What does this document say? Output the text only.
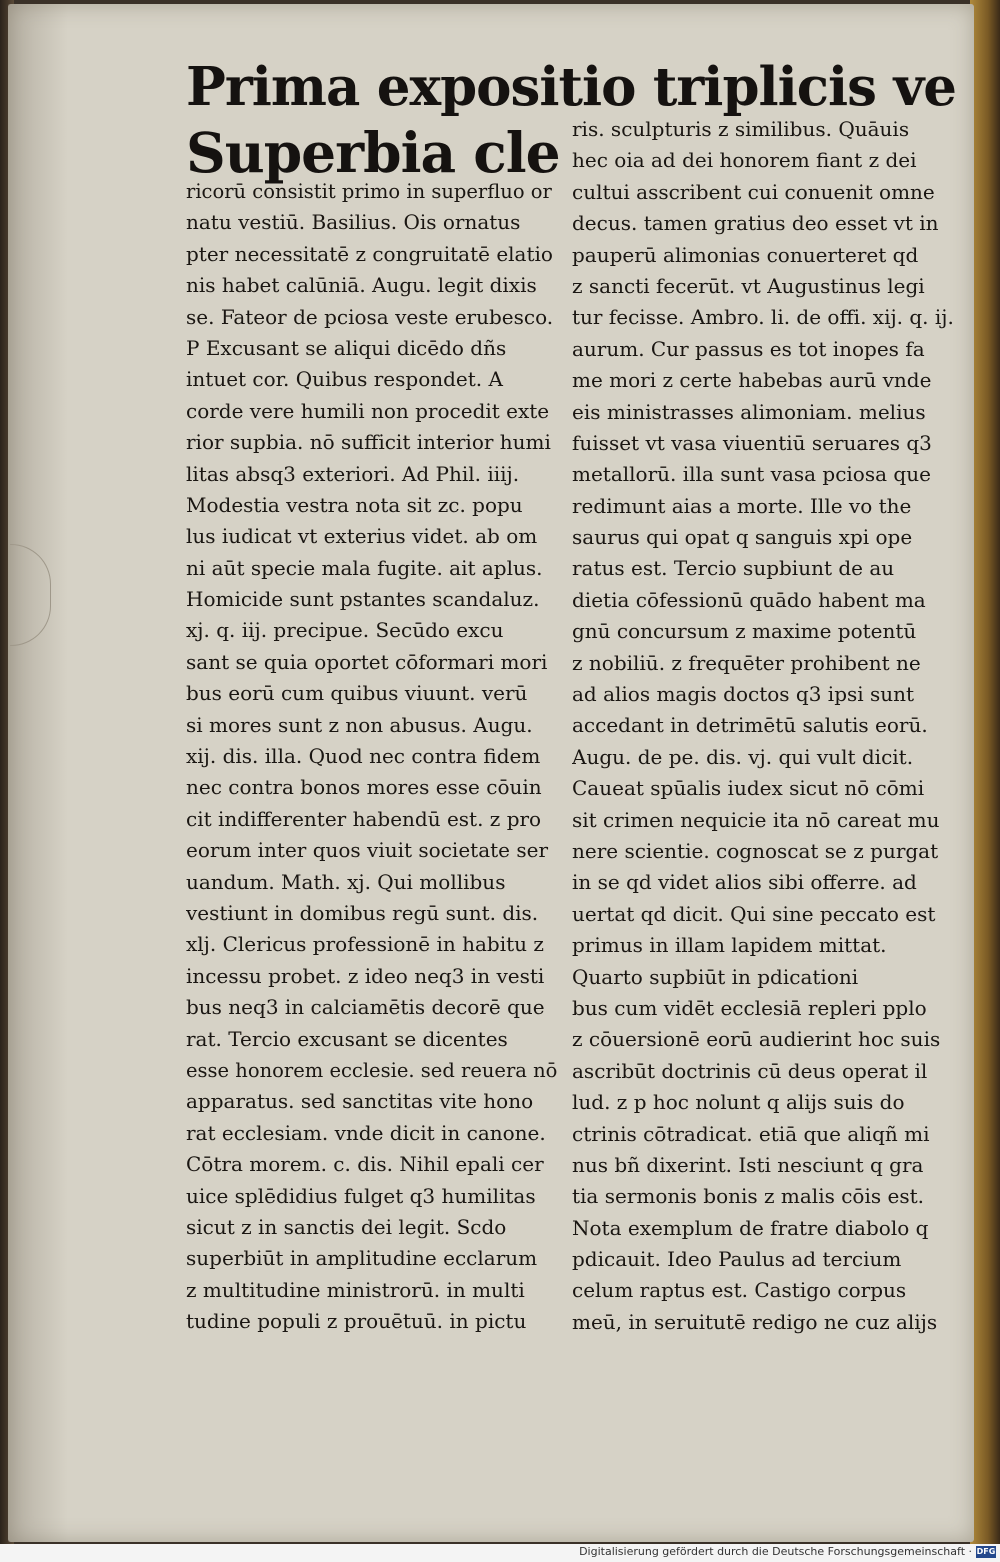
Prima expositio triplicis ve
Superbia cle
ricorū consistit primo in superfluo or
natu vestiū. Basilius. Ois ornatus
pter necessitatē z congruitatē elatio
nis habet calūniā. Augu. legit dixis
se. Fateor de pciosa veste erubesco.
P Excusant se aliqui dicēdo dñs
intuet cor. Quibus respondet. A
corde vere humili non procedit exte
rior supbia. nō sufficit interior humi
litas absq3 exteriori. Ad Phil. iiij.
Modestia vestra nota sit zc. popu
lus iudicat vt exterius videt. ab om
ni aūt specie mala fugite. ait aplus.
Homicide sunt pstantes scandaluz.
xj. q. iij. precipue. Secūdo excu
sant se quia oportet cōformari mori
bus eorū cum quibus viuunt. verū
si mores sunt z non abusus. Augu.
xij. dis. illa. Quod nec contra fidem
nec contra bonos mores esse cōuin
cit indifferenter habendū est. z pro
eorum inter quos viuit societate ser
uandum. Math. xj. Qui mollibus
vestiunt in domibus regū sunt. dis.
xlj. Clericus professionē in habitu z
incessu probet. z ideo neq3 in vesti
bus neq3 in calciamētis decorē que
rat. Tercio excusant se dicentes
esse honorem ecclesie. sed reuera nō
apparatus. sed sanctitas vite hono
rat ecclesiam. vnde dicit in canone.
Cōtra morem. c. dis. Nihil epali cer
uice splēdidius fulget q3 humilitas
sicut z in sanctis dei legit. Scdo
superbiūt in amplitudine ecclarum
z multitudine ministrorū. in multi
tudine populi z prouētuū. in pictu
ris. sculpturis z similibus. Quāuis
hec oia ad dei honorem fiant z dei
cultui asscribent cui conuenit omne
decus. tamen gratius deo esset vt in
pauperū alimonias conuerteret qd
z sancti fecerūt. vt Augustinus legi
tur fecisse. Ambro. li. de offi. xij. q. ij.
aurum. Cur passus es tot inopes fa
me mori z certe habebas aurū vnde
eis ministrasses alimoniam. melius
fuisset vt vasa viuentiū seruares q3
metallorū. illa sunt vasa pciosa que
redimunt aias a morte. Ille vo the
saurus qui opat q sanguis xpi ope
ratus est. Tercio supbiunt de au
dietia cōfessionū quādo habent ma
gnū concursum z maxime potentū
z nobiliū. z frequēter prohibent ne
ad alios magis doctos q3 ipsi sunt
accedant in detrimētū salutis eorū.
Augu. de pe. dis. vj. qui vult dicit.
Caueat spūalis iudex sicut nō cōmi
sit crimen nequicie ita nō careat mu
nere scientie. cognoscat se z purgat
in se qd videt alios sibi offerre. ad
uertat qd dicit. Qui sine peccato est
primus in illam lapidem mittat.
Quarto supbiūt in pdicationi
bus cum vidēt ecclesiā repleri pplo
z cōuersionē eorū audierint hoc suis
ascribūt doctrinis cū deus operat il
lud. z p hoc nolunt q alijs suis do
ctrinis cōtradicat. etiā que aliqñ mi
nus bñ dixerint. Isti nesciunt q gra
tia sermonis bonis z malis cōis est.
Nota exemplum de fratre diabolo q
pdicauit. Ideo Paulus ad tercium
celum raptus est. Castigo corpus
meū, in seruitutē redigo ne cuz alijs
Digitalisierung gefördert durch die Deutsche Forschungsgemeinschaft · DFG
